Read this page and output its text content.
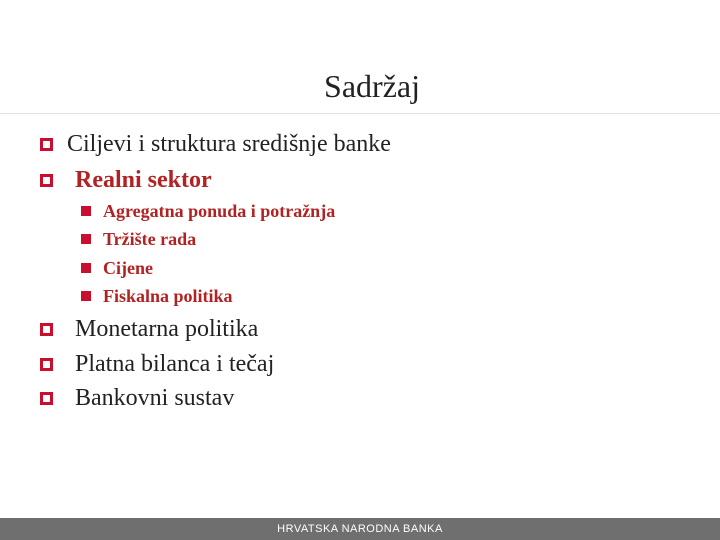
Sadržaj
Ciljevi i struktura središnje banke
Realni sektor
Agregatna ponuda i potražnja
Tržište rada
Cijene
Fiskalna politika
Monetarna politika
Platna bilanca i tečaj
Bankovni sustav
HRVATSKA NARODNA BANKA
